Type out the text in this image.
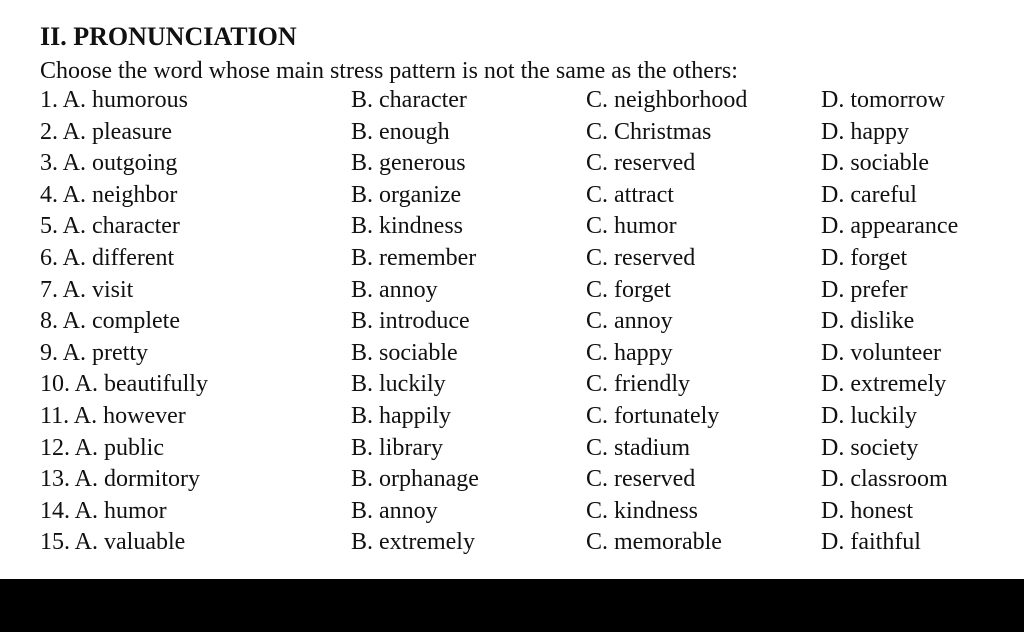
II. PRONUNCIATION
Choose the word whose main stress pattern is not the same as the others:
1. A. humorous	B. character	C. neighborhood	D. tomorrow
2. A. pleasure	B. enough	C. Christmas	D. happy
3. A. outgoing	B. generous	C. reserved	D. sociable
4. A. neighbor	B. organize	C. attract	D. careful
5. A. character	B. kindness	C. humor	D. appearance
6. A. different	B. remember	C. reserved	D. forget
7. A. visit	B. annoy	C. forget	D. prefer
8. A. complete	B. introduce	C. annoy	D. dislike
9. A. pretty	B. sociable	C. happy	D. volunteer
10. A. beautifully	B. luckily	C. friendly	D. extremely
11. A. however	B. happily	C. fortunately	D. luckily
12. A. public	B. library	C. stadium	D. society
13. A. dormitory	B. orphanage	C. reserved	D. classroom
14. A. humor	B. annoy	C. kindness	D. honest
15. A. valuable	B. extremely	C. memorable	D. faithful
